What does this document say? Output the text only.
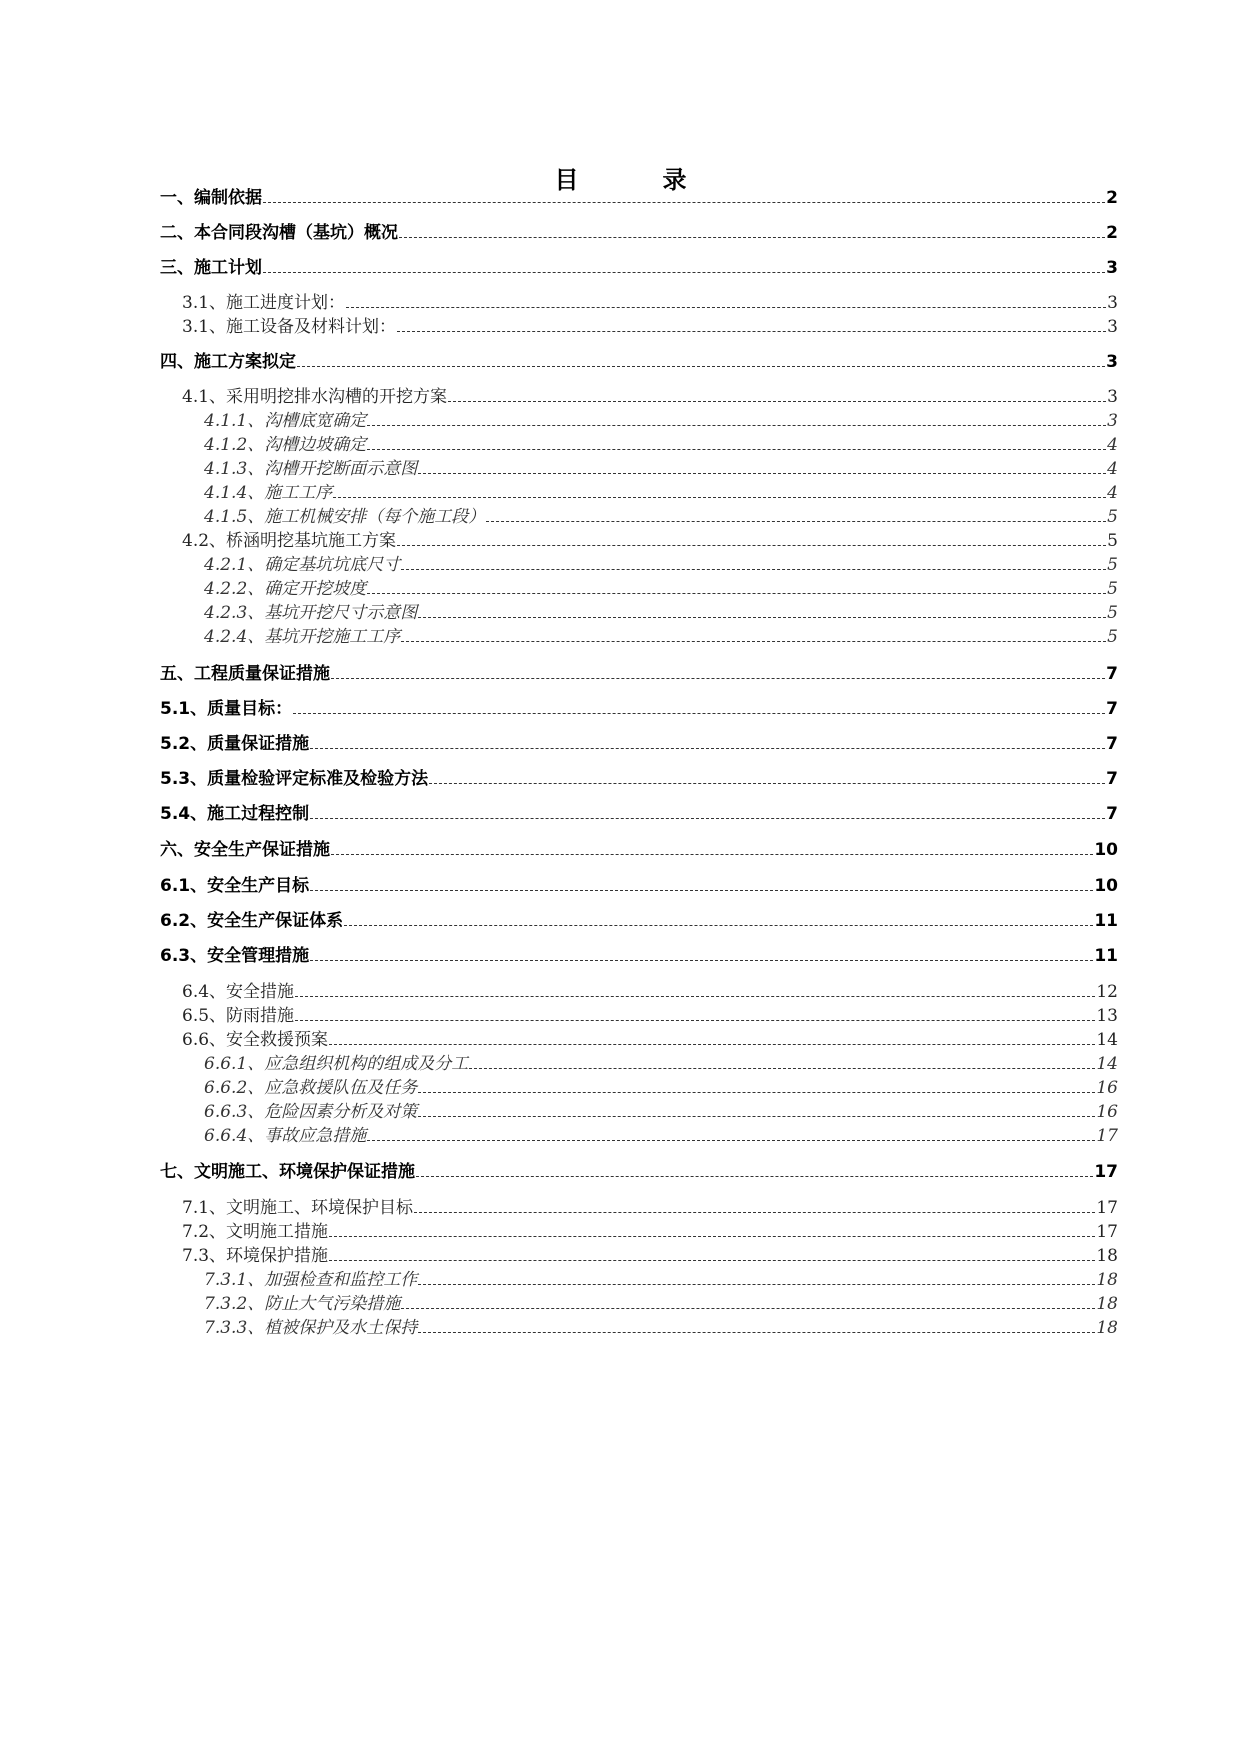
目　录
一、编制依据	2
二、本合同段沟槽（基坑）概况	2
三、施工计划	3
3.1、施工进度计划：	3
3.1、施工设备及材料计划：	3
四、施工方案拟定	3
4.1、采用明挖排水沟槽的开挖方案	3
4.1.1、沟槽底宽确定	3
4.1.2、沟槽边坡确定	4
4.1.3、沟槽开挖断面示意图	4
4.1.4、施工工序	4
4.1.5、施工机械安排（每个施工段）	5
4.2、桥涵明挖基坑施工方案	5
4.2.1、确定基坑坑底尺寸	5
4.2.2、确定开挖坡度	5
4.2.3、基坑开挖尺寸示意图	5
4.2.4、基坑开挖施工工序	5
五、工程质量保证措施	7
5.1、质量目标：	7
5.2、质量保证措施	7
5.3、质量检验评定标准及检验方法	7
5.4、施工过程控制	7
六、安全生产保证措施	10
6.1、安全生产目标	10
6.2、安全生产保证体系	11
6.3、安全管理措施	11
6.4、安全措施	12
6.5、防雨措施	13
6.6、安全救援预案	14
6.6.1、应急组织机构的组成及分工	14
6.6.2、应急救援队伍及任务	16
6.6.3、危险因素分析及对策	16
6.6.4、事故应急措施	17
七、文明施工、环境保护保证措施	17
7.1、文明施工、环境保护目标	17
7.2、文明施工措施	17
7.3、环境保护措施	18
7.3.1、加强检查和监控工作	18
7.3.2、防止大气污染措施	18
7.3.3、植被保护及水土保持	18
